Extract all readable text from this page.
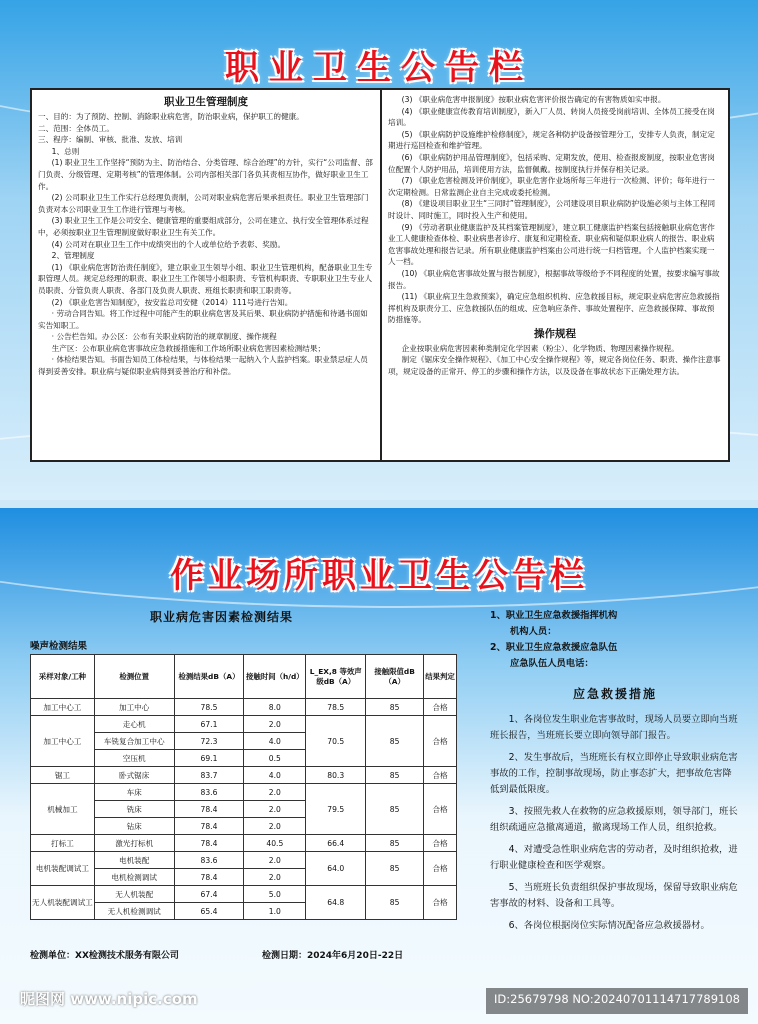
职业卫生公告栏
职业卫生管理制度
一、目的：为了预防、控制、消除职业病危害，防治职业病，保护职工的健康。
二、范围：全体员工。
三、程序：编制、审核、批准、发放、培训
1、总则
(1) 职业卫生工作坚持“预防为主、防治结合、分类管理、综合治理”的方针，实行“公司监督、部门负责、分级管理、定期考核”的管理体制。公司内部相关部门各负其责相互协作，做好职业卫生工作。
(2) 公司职业卫生工作实行总经理负责制，公司对职业病危害后果承担责任。职业卫生管理部门负责对本公司职业卫生工作进行管理与考核。
(3) 职业卫生工作是公司安全、健康管理的重要组成部分，公司在建立、执行安全管理体系过程中，必须按职业卫生管理制度做好职业卫生有关工作。
(4) 公司对在职业卫生工作中成绩突出的个人或单位给予表彰、奖励。
2、管理制度
(1) 《职业病危害防治责任制度》，建立职业卫生领导小组、职业卫生管理机构，配备职业卫生专职管理人员。规定总经理的职责、职业卫生工作领导小组职责、专管机构职责、专职职业卫生专业人员职责、分管负责人职责、各部门及负责人职责、班组长职责和职工职责等。
(2) 《职业危害告知制度》，按安监总司安健（2014）111号进行告知。
· 劳动合同告知。将工作过程中可能产生的职业病危害及其后果、职业病防护措施和待遇书面如实告知职工。
· 公告栏告知。办公区：公布有关职业病防治的规章制度、操作规程
生产区：公布职业病危害事故应急救援措施和工作场所职业病危害因素检测结果；
· 体检结果告知。书面告知员工体检结果，与体检结果一起纳入个人监护档案。职业禁忌症人员得到妥善安排。职业病与疑似职业病得到妥善治疗和补偿。
(3) 《职业病危害申报制度》按职业病危害评价报告确定的有害物质如实申报。
(4) 《职业健康宣传教育培训制度》，新入厂人员、转岗人员接受岗前培训、全体员工接受在岗培训。
(5) 《职业病防护设施维护检修制度》，规定各种防护设备按管理分工，安排专人负责，制定定期进行巡回检查和维护管理。
(6) 《职业病防护用品管理制度》，包括采购、定期发放，使用、检查报废制度，按职业危害岗位配置个人防护用品，培训使用方法，监督佩戴。按制度执行并保存相关记录。
(7) 《职业危害检测及评价制度》，职业危害作业场所每三年进行一次检测、评价；每年进行一次定期检测。日常监测企业自主完成或委托检测。
(8) 《建设项目职业卫生“三同时”管理制度》，公司建设项目职业病防护设施必须与主体工程同时设计、同时施工，同时投入生产和使用。
(9) 《劳动者职业健康监护及其档案管理制度》，建立职工健康监护档案包括接触职业病危害作业工人健康检查体检、职业病患者诊疗、康复和定期检查、职业病和疑似职业病人的报告、职业病危害事故处理和报告记录。所有职业健康监护档案由公司进行统一归档管理。个人监护档案实现一人一档。
(10) 《职业病危害事故处置与报告制度》，根据事故等级给予不同程度的处置，按要求编写事故报告。
(11) 《职业病卫生急救预案》，确定应急组织机构、应急救援目标，规定职业病危害应急救援指挥机构及职责分工、应急救援队伍的组成、应急响应条件、事故处置程序、应急救援保障、事故预防措施等。
操作规程
企业按职业病危害因素种类制定化学因素（粉尘）、化学物质、物理因素操作规程。
制定《锯床安全操作规程》、《加工中心安全操作规程》等，规定各岗位任务、职责、操作注意事项，规定设备的正常开、停工的步骤和操作方法，以及设备在事故状态下正确处理方法。
作业场所职业卫生公告栏
职业病危害因素检测结果
噪声检测结果
采样对象/工种	检测位置	检测结果dB（A）	接触时间（h/d）	L_EX,8 等效声级dB（A）	接触限值dB（A）	结果判定
加工中心工	加工中心	78.5	8.0	78.5	85	合格
加工中心工	走心机	67.1	2.0	70.5	85	合格
	车铣复合加工中心	72.3	4.0			
	空压机	69.1	0.5			
锯工	卧式锯床	83.7	4.0	80.3	85	合格
机械加工	车床	83.6	2.0	79.5	85	合格
	铣床	78.4	2.0			
	钻床	78.4	2.0			
打标工	激光打标机	78.4	40.5	66.4	85	合格
电机装配调试工	电机装配	83.6	2.0	64.0	85	合格
	电机检测调试	78.4	2.0			
无人机装配调试工	无人机装配	67.4	5.0	64.8	85	合格
	无人机检测调试	65.4	1.0			
检测单位：XX检测技术服务有限公司	检测日期：2024年6月20日-22日
1、职业卫生应急救援指挥机构
机构人员：
2、职业卫生应急救援应急队伍
应急队伍人员电话：
应急救援措施
1、各岗位发生职业危害事故时，现场人员要立即向当班班长报告，当班班长要立即向领导部门报告。
2、发生事故后，当班班长有权立即停止导致职业病危害事故的工作，控制事故现场，防止事态扩大，把事故危害降低到最低限度。
3、按照先救人在救物的应急救援原则，领导部门，班长组织疏通应急撤离通道，撤离现场工作人员，组织抢救。
4、对遭受急性职业病危害的劳动者，及时组织抢救，进行职业健康检查和医学观察。
5、当班班长负责组织保护事故现场，保留导致职业病危害事故的材料、设备和工具等。
6、各岗位根据岗位实际情况配备应急救援器材。
昵图网 www.nipic.com	ID:25679798 NO:20240701114717789108
